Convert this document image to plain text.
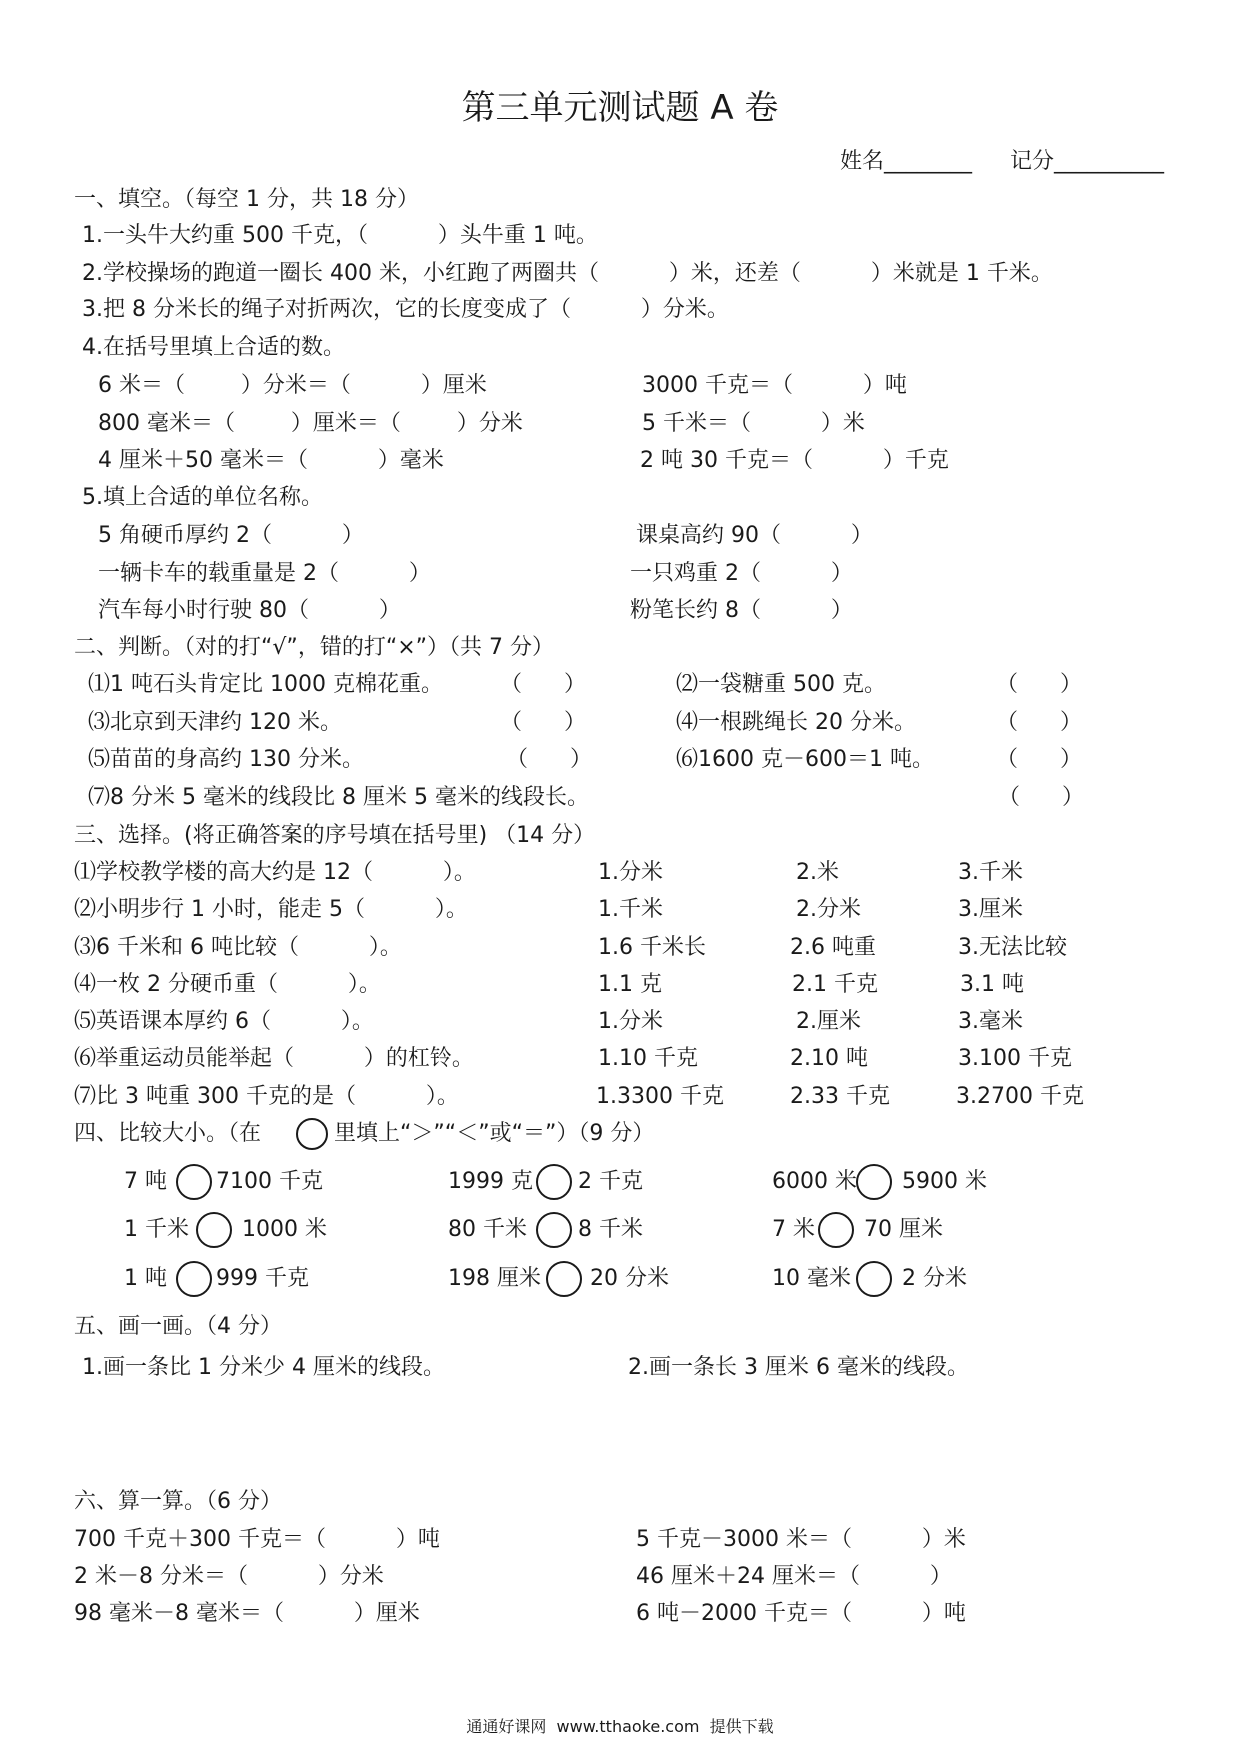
第三单元测试题 A 卷
姓名________ 记分__________
一、填空。（每空 1 分，共 18 分）
1.一头牛大约重 500 千克，（          ）头牛重 1 吨。
2.学校操场的跑道一圈长 400 米，小红跑了两圈共（          ）米，还差（          ）米就是 1 千米。
3.把 8 分米长的绳子对折两次，它的长度变成了（          ）分米。
4.在括号里填上合适的数。
6 米＝（        ）分米＝（          ）厘米	3000 千克＝（          ）吨
800 毫米＝（        ）厘米＝（        ）分米	5 千米＝（          ）米
4 厘米＋50 毫米＝（          ）毫米	2 吨 30 千克＝（          ）千克
5.填上合适的单位名称。
5 角硬币厚约 2（          ）	课桌高约 90（          ）
一辆卡车的载重量是 2（          ）	一只鸡重 2（          ）
汽车每小时行驶 80（          ）	粉笔长约 8（          ）
二、判断。（对的打“√”，错的打“×”）（共 7 分）
⑴1 吨石头肯定比 1000 克棉花重。	（      ）	⑵一袋糖重 500 克。	（      ）
⑶北京到天津约 120 米。	（      ）	⑷一根跳绳长 20 分米。	（      ）
⑸苗苗的身高约 130 分米。	（      ）	⑹1600 克－600＝1 吨。	（      ）
⑺8 分米 5 毫米的线段比 8 厘米 5 毫米的线段长。	（      ）
三、选择。(将正确答案的序号填在括号里) （14 分）
⑴学校教学楼的高大约是 12（          ）。	1.分米	2.米	3.千米
⑵小明步行 1 小时，能走 5（          ）。	1.千米	2.分米	3.厘米
⑶6 千米和 6 吨比较（          ）。	1.6 千米长	2.6 吨重	3.无法比较
⑷一枚 2 分硬币重（          ）。	1.1 克	2.1 千克	3.1 吨
⑸英语课本厚约 6（          ）。	1.分米	2.厘米	3.毫米
⑹举重运动员能举起（          ）的杠铃。	1.10 千克	2.10 吨	3.100 千克
⑺比 3 吨重 300 千克的是（          ）。	1.3300 千克	2.33 千克	3.2700 千克
四、比较大小。（在	里填上“＞”“＜”或“＝”）（9 分）
7 吨 7100 千克	1999 克 2 千克	6000 米 5900 米
1 千米 1000 米	80 千米 8 千米	7 米 70 厘米
1 吨 999 千克	198 厘米 20 分米	10 毫米 2 分米
五、画一画。（4 分）
1.画一条比 1 分米少 4 厘米的线段。	2.画一条长 3 厘米 6 毫米的线段。
六、算一算。（6 分）
700 千克＋300 千克＝（          ）吨	5 千克－3000 米＝（          ）米
2 米－8 分米＝（          ）分米	46 厘米＋24 厘米＝（          ）
98 毫米－8 毫米＝（          ）厘米	6 吨－2000 千克＝（          ）吨
通通好课网  www.tthaoke.com  提供下载
